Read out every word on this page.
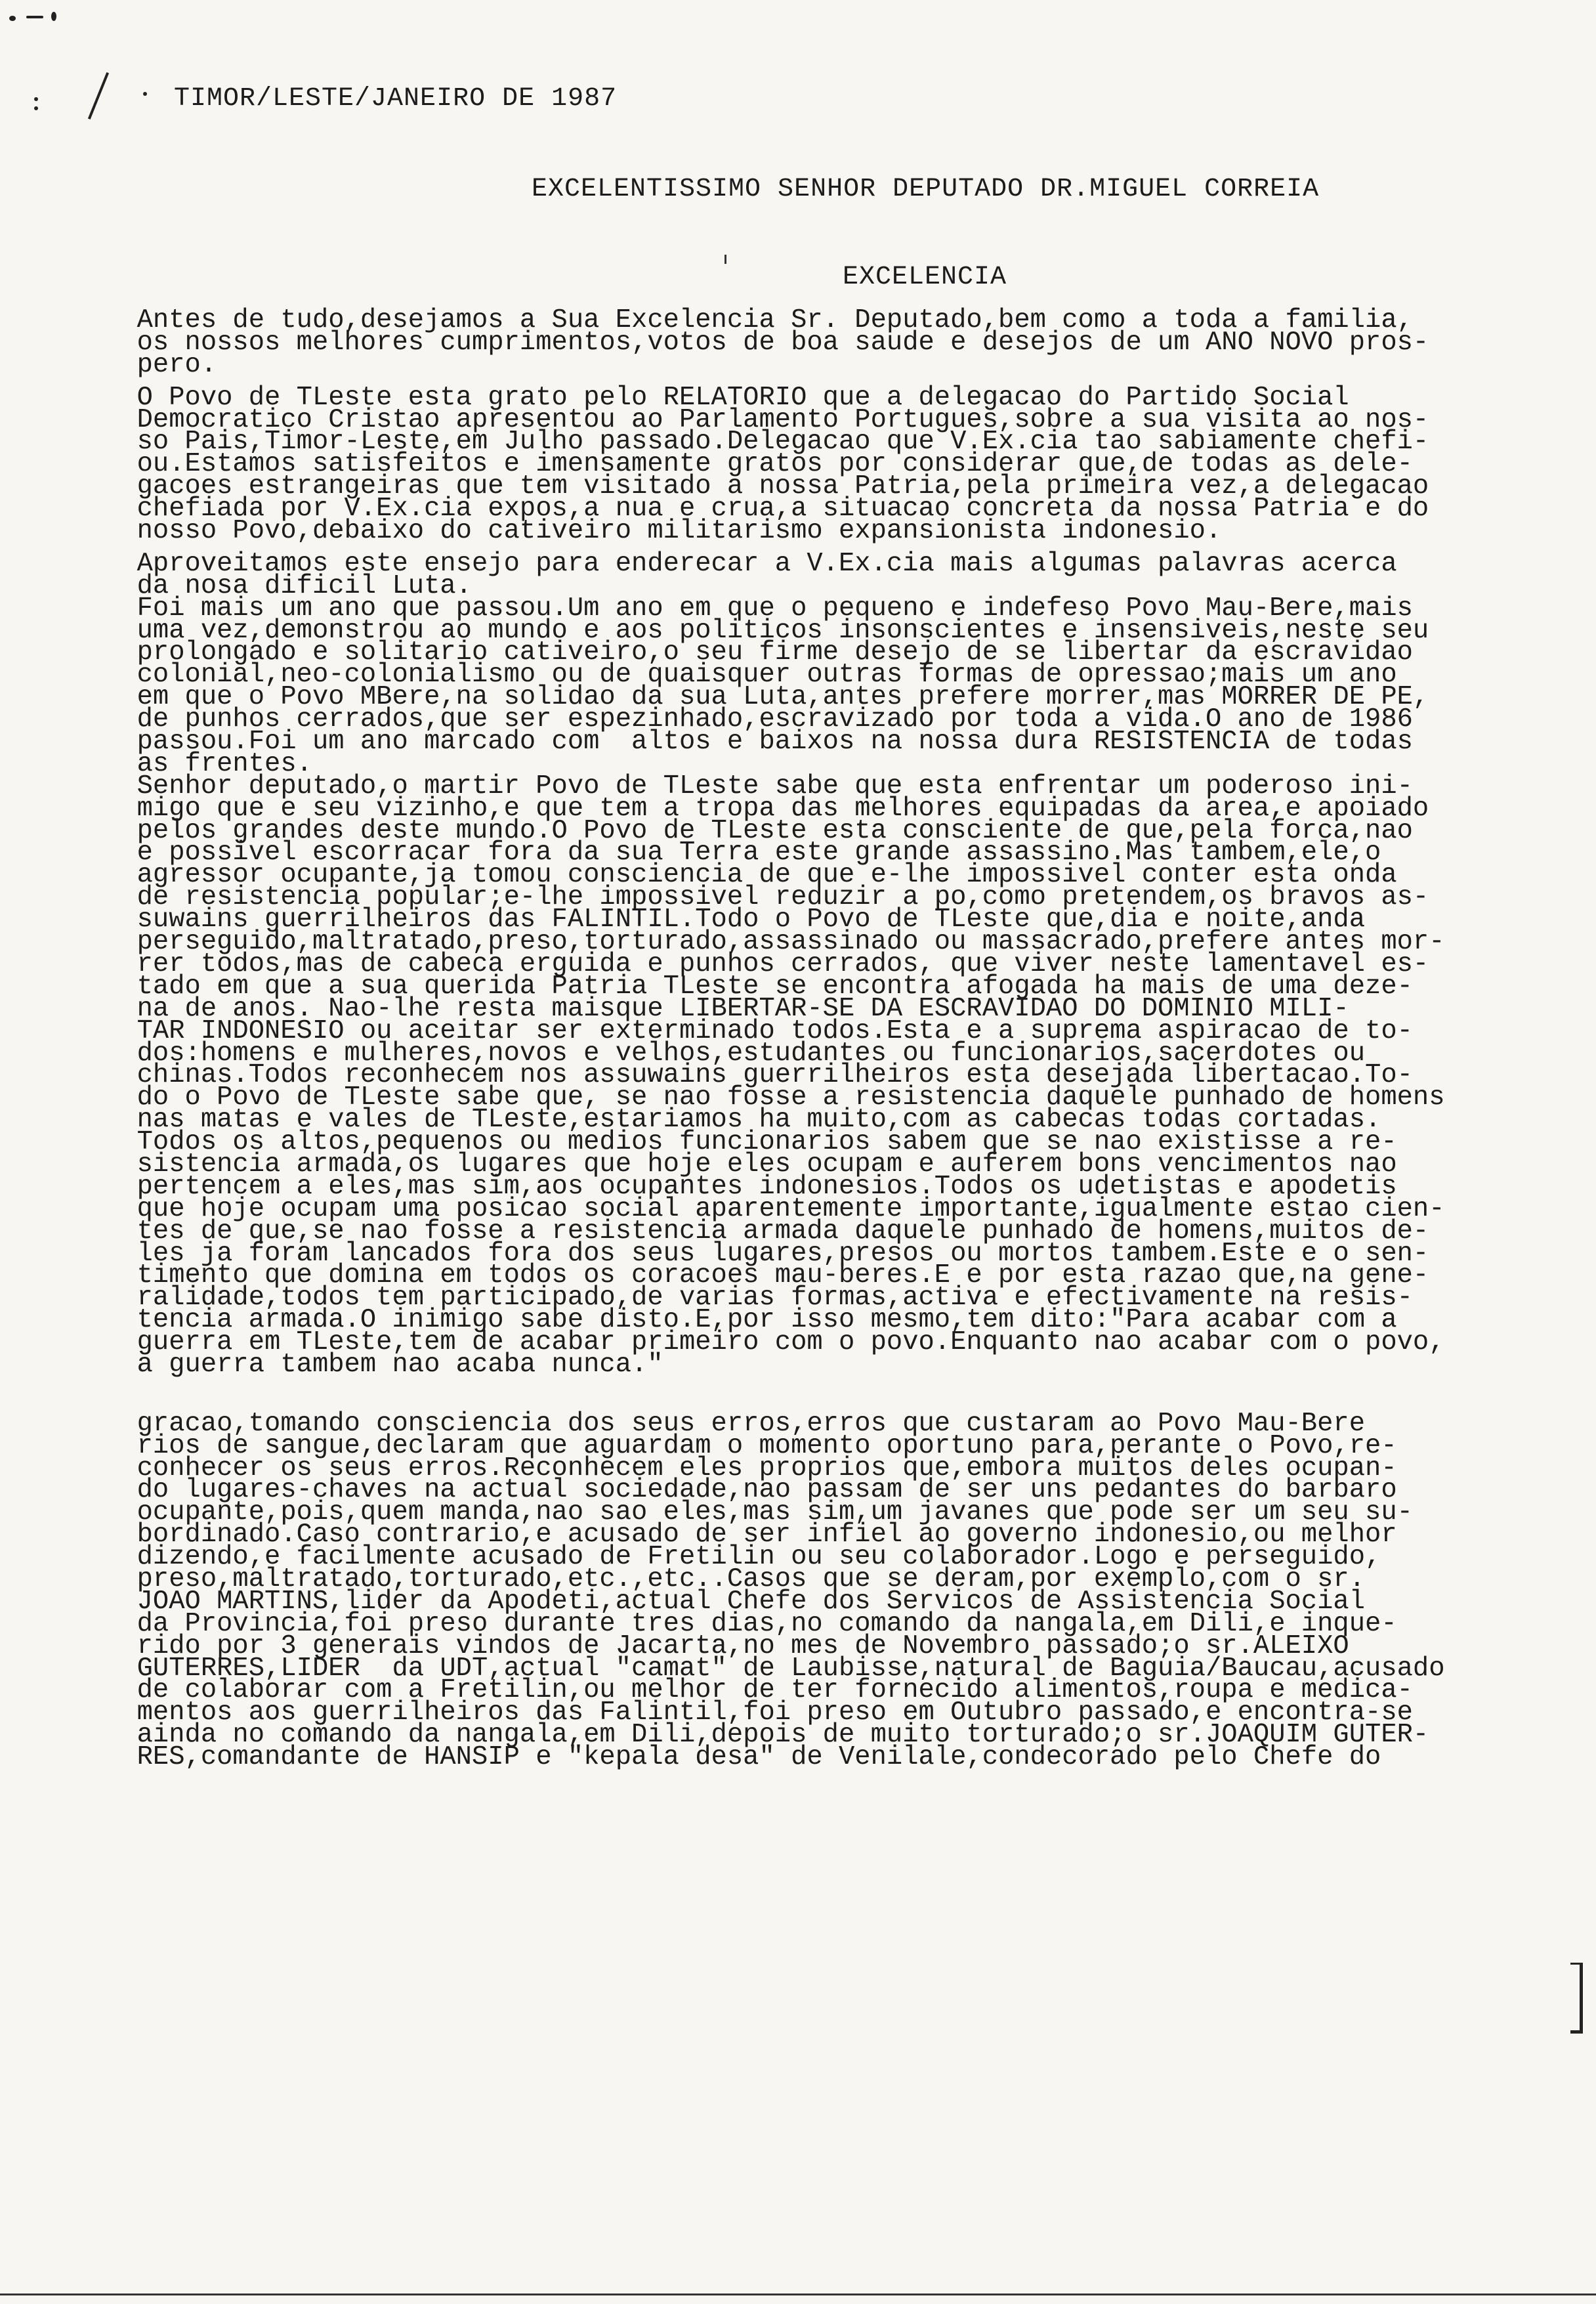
TIMOR/LESTE/JANEIRO DE 1987
EXCELENTISSIMO SENHOR DEPUTADO DR.MIGUEL CORREIA
EXCELENCIA
Antes de tudo,desejamos a Sua Excelencia Sr. Deputado,bem como a toda a familia,
os nossos melhores cumprimentos,votos de boa saude e desejos de um ANO NOVO pros-
pero.
O Povo de TLeste esta grato pelo RELATORIO que a delegacao do Partido Social
Democratico Cristao apresentou ao Parlamento Portugues,sobre a sua visita ao nos-
so Pais,Timor-Leste,em Julho passado.Delegacao que V.Ex.cia tao sabiamente chefi-
ou.Estamos satisfeitos e imensamente gratos por considerar que,de todas as dele-
gacoes estrangeiras que tem visitado a nossa Patria,pela primeira vez,a delegacao
chefiada por V.Ex.cia expos,a nua e crua,a situacao concreta da nossa Patria e do
nosso Povo,debaixo do cativeiro militarismo expansionista indonesio.
Aproveitamos este ensejo para enderecar a V.Ex.cia mais algumas palavras acerca
da nosa dificil Luta.
Foi mais um ano que passou.Um ano em que o pequeno e indefeso Povo Mau-Bere,mais
uma vez,demonstrou ao mundo e aos politicos insonscientes e insensiveis,neste seu
prolongado e solitario cativeiro,o seu firme desejo de se libertar da escravidao
colonial,neo-colonialismo ou de quaisquer outras formas de opressao;mais um ano
em que o Povo MBere,na solidao da sua Luta,antes prefere morrer,mas MORRER DE PE,
de punhos cerrados,que ser espezinhado,escravizado por toda a vida.O ano de 1986
passou.Foi um ano marcado com  altos e baixos na nossa dura RESISTENCIA de todas
as frentes.
Senhor deputado,o martir Povo de TLeste sabe que esta enfrentar um poderoso ini-
migo que e seu vizinho,e que tem a tropa das melhores equipadas da area,e apoiado
pelos grandes deste mundo.O Povo de TLeste esta consciente de que,pela forca,nao
e possivel escorracar fora da sua Terra este grande assassino.Mas tambem,ele,o
agressor ocupante,ja tomou consciencia de que e-lhe impossivel conter esta onda
de resistencia popular;e-lhe impossivel reduzir a po,como pretendem,os bravos as-
suwains guerrilheiros das FALINTIL.Todo o Povo de TLeste que,dia e noite,anda
perseguido,maltratado,preso,torturado,assassinado ou massacrado,prefere antes mor-
rer todos,mas de cabeca erguida e punhos cerrados, que viver neste lamentavel es-
tado em que a sua querida Patria TLeste se encontra afogada ha mais de uma deze-
na de anos. Nao-lhe resta maisque LIBERTAR-SE DA ESCRAVIDAO DO DOMINIO MILI-
TAR INDONESIO ou aceitar ser exterminado todos.Esta e a suprema aspiracao de to-
dos:homens e mulheres,novos e velhos,estudantes ou funcionarios,sacerdotes ou
chinas.Todos reconhecem nos assuwains guerrilheiros esta desejada libertacao.To-
do o Povo de TLeste sabe que, se nao fosse a resistencia daquele punhado de homens
nas matas e vales de TLeste,estariamos ha muito,com as cabecas todas cortadas.
Todos os altos,pequenos ou medios funcionarios sabem que se nao existisse a re-
sistencia armada,os lugares que hoje eles ocupam e auferem bons vencimentos nao
pertencem a eles,mas sim,aos ocupantes indonesios.Todos os udetistas e apodetis
que hoje ocupam uma posicao social aparentemente importante,igualmente estao cien-
tes de que,se nao fosse a resistencia armada daquele punhado de homens,muitos de-
les ja foram lancados fora dos seus lugares,presos ou mortos tambem.Este e o sen-
timento que domina em todos os coracoes mau-beres.E e por esta razao que,na gene-
ralidade,todos tem participado,de varias formas,activa e efectivamente na resis-
tencia armada.O inimigo sabe disto.E,por isso mesmo,tem dito:"Para acabar com a
guerra em TLeste,tem de acabar primeiro com o povo.Enquanto nao acabar com o povo,
a guerra tambem nao acaba nunca."
gracao,tomando consciencia dos seus erros,erros que custaram ao Povo Mau-Bere
rios de sangue,declaram que aguardam o momento oportuno para,perante o Povo,re-
conhecer os seus erros.Reconhecem eles proprios que,embora muitos deles ocupan-
do lugares-chaves na actual sociedade,nao passam de ser uns pedantes do barbaro
ocupante,pois,quem manda,nao sao eles,mas sim,um javanes que pode ser um seu su-
bordinado.Caso contrario,e acusado de ser infiel ao governo indonesio,ou melhor
dizendo,e facilmente acusado de Fretilin ou seu colaborador.Logo e perseguido,
preso,maltratado,torturado,etc.,etc..Casos que se deram,por exemplo,com o sr.
JOAO MARTINS,lider da Apodeti,actual Chefe dos Servicos de Assistencia Social
da Provincia,foi preso durante tres dias,no comando da nangala,em Dili,e inque-
rido por 3 generais vindos de Jacarta,no mes de Novembro passado;o sr.ALEIXO
GUTERRES,LIDER  da UDT,actual "camat" de Laubisse,natural de Baguia/Baucau,acusado
de colaborar com a Fretilin,ou melhor de ter fornecido alimentos,roupa e medica-
mentos aos guerrilheiros das Falintil,foi preso em Outubro passado,e encontra-se
ainda no comando da nangala,em Dili,depois de muito torturado;o sr.JOAQUIM GUTER-
RES,comandante de HANSIP e "kepala desa" de Venilale,condecorado pelo Chefe do
